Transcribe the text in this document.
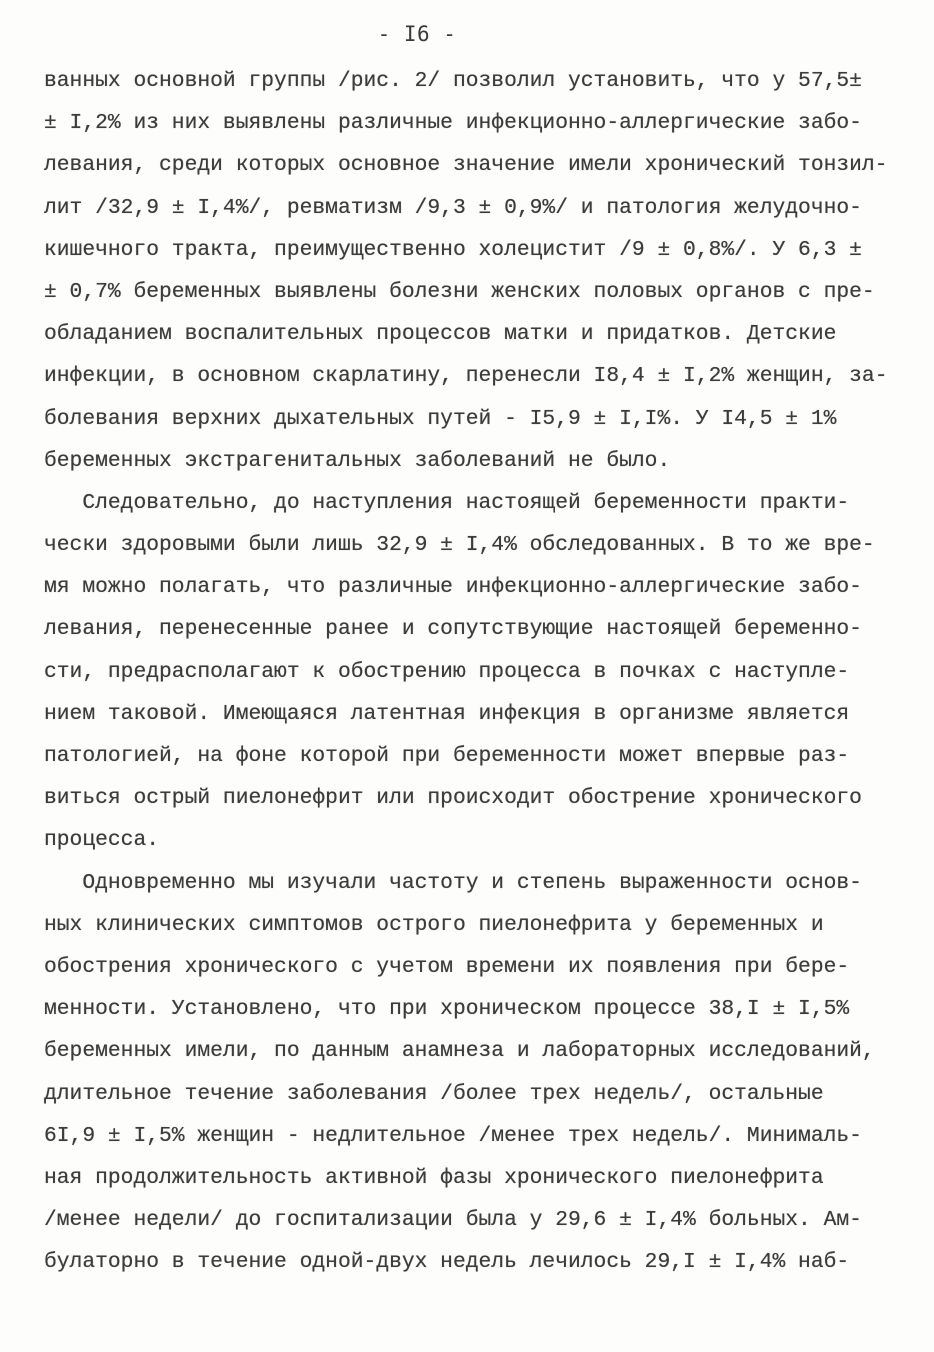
- I6 -
ванных основной группы /рис. 2/ позволил установить, что у 57,5±
± I,2% из них выявлены различные инфекционно-аллергические забо-
левания, среди которых основное значение имели хронический тонзил-
лит /32,9 ± I,4%/, ревматизм /9,3 ± 0,9%/ и патология желудочно-
кишечного тракта, преимущественно холецистит /9 ± 0,8%/. У 6,3 ±
± 0,7% беременных выявлены болезни женских половых органов с пре-
обладанием воспалительных процессов матки и придатков. Детские
инфекции, в основном скарлатину, перенесли I8,4 ± I,2% женщин, за-
болевания верхних дыхательных путей - I5,9 ± I,I%. У I4,5 ± 1%
беременных экстрагенитальных заболеваний не было.
Следовательно, до наступления настоящей беременности практи-
чески здоровыми были лишь 32,9 ± I,4% обследованных. В то же вре-
мя можно полагать, что различные инфекционно-аллергические забо-
левания, перенесенные ранее и сопутствующие настоящей беременно-
сти, предрасполагают к обострению процесса в почках с наступле-
нием таковой. Имеющаяся латентная инфекция в организме является
патологией, на фоне которой при беременности может впервые раз-
виться острый пиелонефрит или происходит обострение хронического
процесса.
Одновременно мы изучали частоту и степень выраженности основ-
ных клинических симптомов острого пиелонефрита у беременных и
обострения хронического с учетом времени их появления при бере-
менности. Установлено, что при хроническом процессе 38,I ± I,5%
беременных имели, по данным анамнеза и лабораторных исследований,
длительное течение заболевания /более трех недель/, остальные
6I,9 ± I,5% женщин - недлительное /менее трех недель/. Минималь-
ная продолжительность активной фазы хронического пиелонефрита
/менее недели/ до госпитализации была у 29,6 ± I,4% больных. Ам-
булаторно в течение одной-двух недель лечилось 29,I ± I,4% наб-
